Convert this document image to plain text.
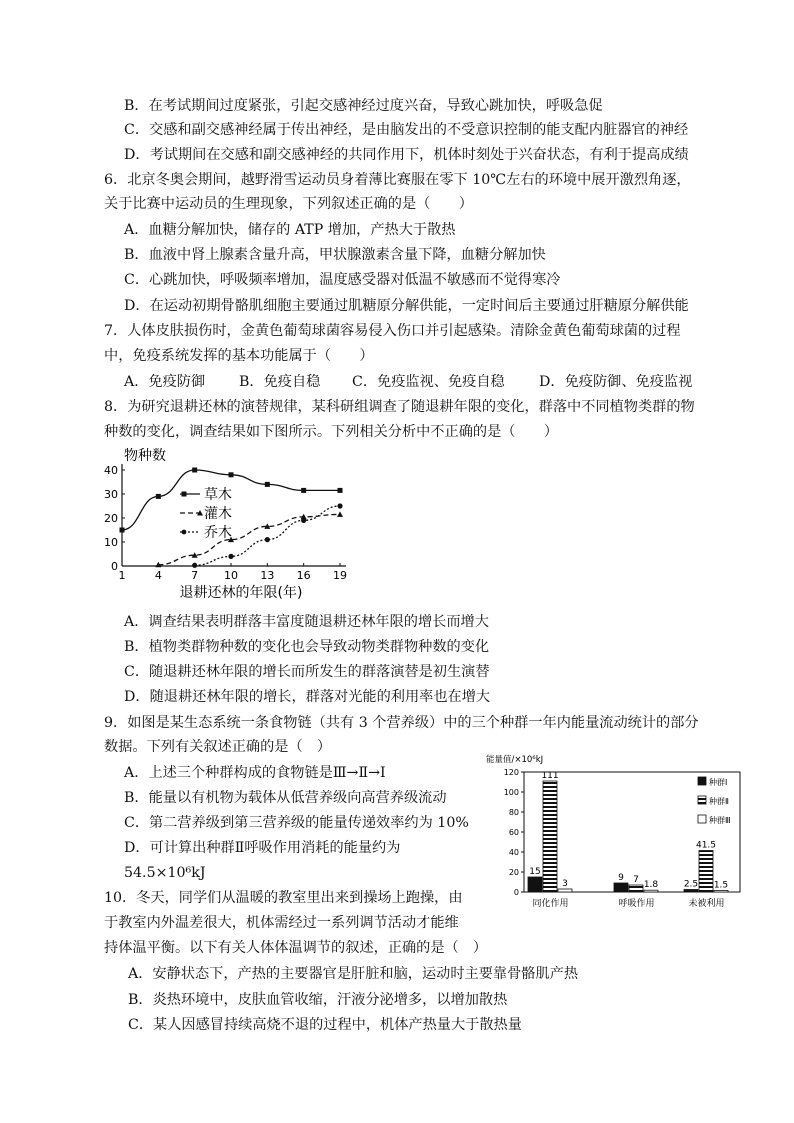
B．在考试期间过度紧张，引起交感神经过度兴奋，导致心跳加快，呼吸急促
C．交感和副交感神经属于传出神经，是由脑发出的不受意识控制的能支配内脏器官的神经
D．考试期间在交感和副交感神经的共同作用下，机体时刻处于兴奋状态，有利于提高成绩
6．北京冬奥会期间，越野滑雪运动员身着薄比赛服在零下 10℃左右的环境中展开激烈角逐，
关于比赛中运动员的生理现象，下列叙述正确的是（　　）
A．血糖分解加快，储存的 ATP 增加，产热大于散热
B．血液中肾上腺素含量升高，甲状腺激素含量下降，血糖分解加快
C．心跳加快，呼吸频率增加，温度感受器对低温不敏感而不觉得寒冷
D．在运动初期骨骼肌细胞主要通过肌糖原分解供能，一定时间后主要通过肝糖原分解供能
7．人体皮肤损伤时，金黄色葡萄球菌容易侵入伤口并引起感染。清除金黄色葡萄球菌的过程
中，免疫系统发挥的基本功能属于（　　）
A．免疫防御 B．免疫自稳 C．免疫监视、免疫自稳 D．免疫防御、免疫监视
8．为研究退耕还林的演替规律，某科研组调查了随退耕年限的变化，群落中不同植物类群的物
种数的变化，调查结果如下图所示。下列相关分析中不正确的是（　　）
1	4	7 10 13 16 19
0
10
20
30
40
物种数
退耕还林的年限(年)
草木
灌木
乔木
A．调查结果表明群落丰富度随退耕还林年限的增长而增大
B．植物类群物种数的变化也会导致动物类群物种数的变化
C．随退耕还林年限的增长而所发生的群落演替是初生演替
D．随退耕还林年限的增长，群落对光能的利用率也在增大
9．如图是某生态系统一条食物链（共有 3 个营养级）中的三个种群一年内能量流动统计的部分
数据。下列有关叙述正确的是（　）
A．上述三个种群构成的食物链是Ⅲ→Ⅱ→Ⅰ
B．能量以有机物为载体从低营养级向高营养级流动
C．第二营养级到第三营养级的能量传递效率约为 10%
D．可计算出种群Ⅱ呼吸作用消耗的能量约为
54.5×10⁶kJ
10．冬天，同学们从温暖的教室里出来到操场上跑操，由
于教室内外温差很大，机体需经过一系列调节活动才能维
持体温平衡。以下有关人体体温调节的叙述，正确的是（　）
A．安静状态下，产热的主要器官是肝脏和脑，运动时主要靠骨骼肌产热
B．炎热环境中，皮肤血管收缩，汗液分泌增多，以增加散热
C．某人因感冒持续高烧不退的过程中，机体产热量大于散热量
0
20
40
60
80
100
120
能量值/×10⁶kJ
同化作用	呼吸作用	未被利用
15
111
3
9 7
1.8	2.5
41.5
1.5
种群Ⅰ
种群Ⅱ
种群Ⅲ
